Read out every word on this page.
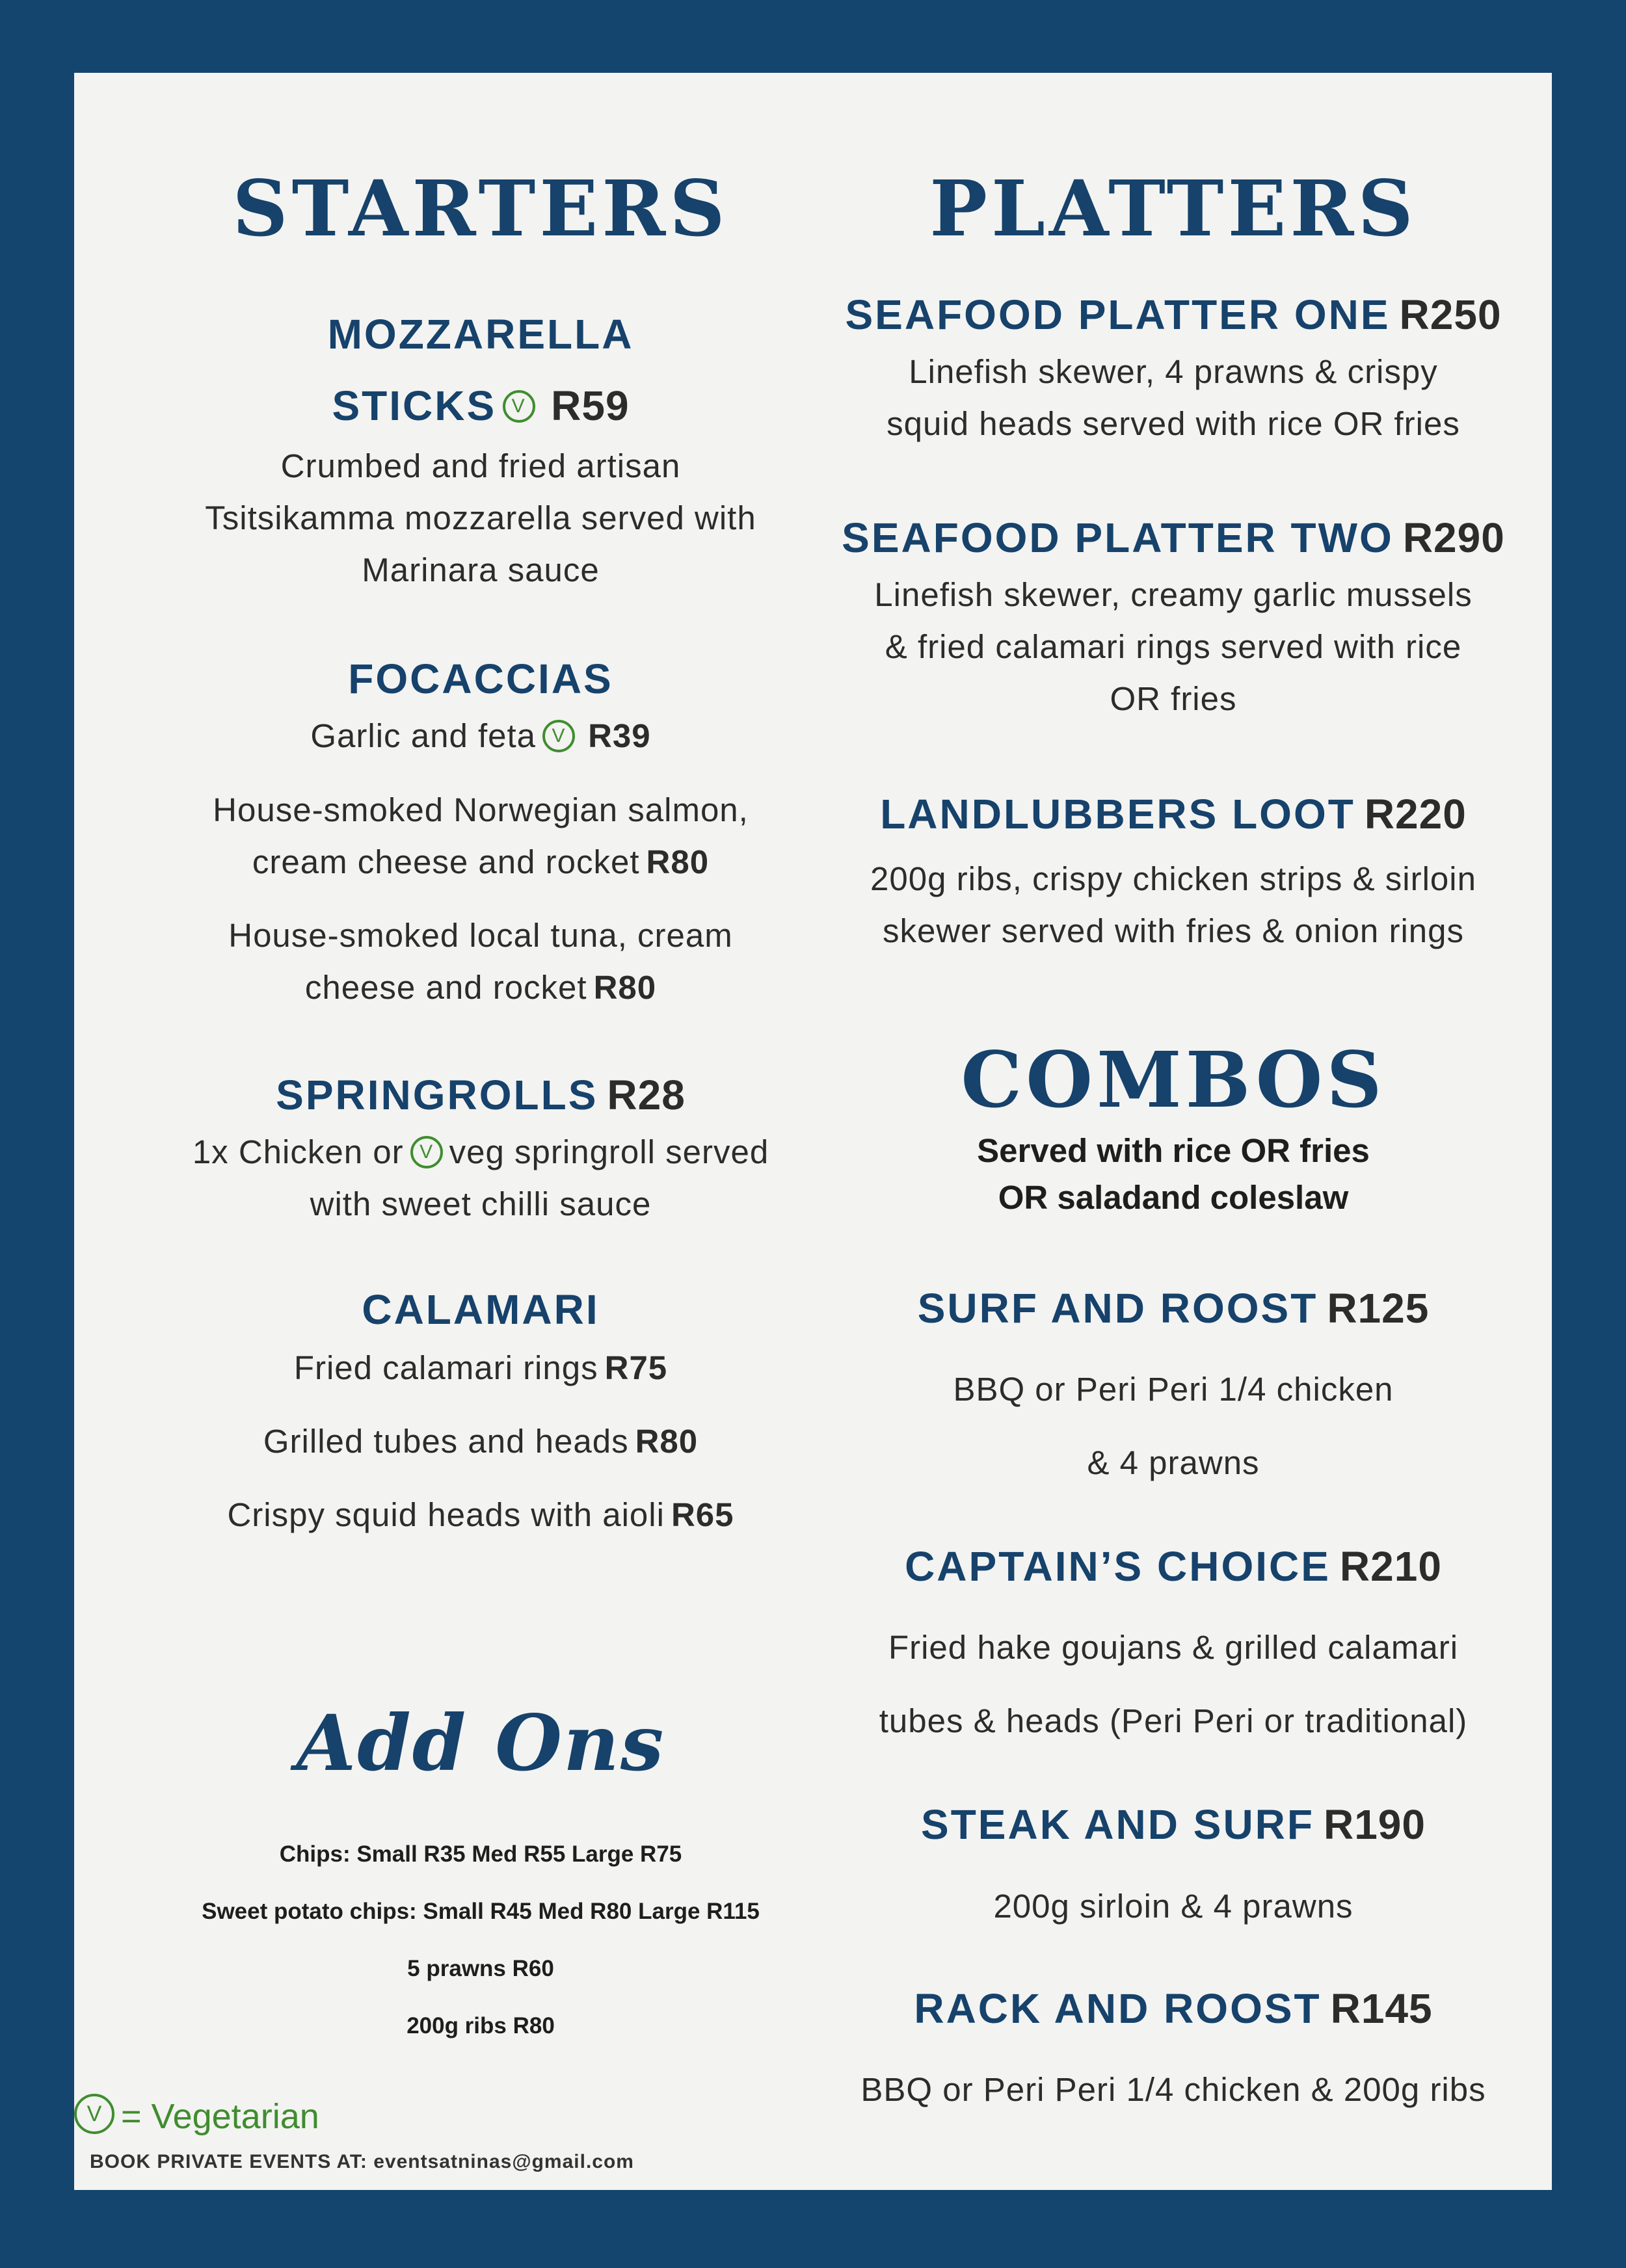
STARTERS
MOZZARELLA
STICKS V R59
Crumbed and fried artisan
Tsitsikamma mozzarella served with
Marinara sauce
FOCACCIAS
Garlic and feta V R39
House-smoked Norwegian salmon,
cream cheese and rocket R80
House-smoked local tuna, cream
cheese and rocket R80
SPRINGROLLS R28
1x Chicken or V veg springroll served
with sweet chilli sauce
CALAMARI
Fried calamari rings R75
Grilled tubes and heads R80
Crispy squid heads with aioli R65
Add Ons
Chips: Small R35 Med R55 Large R75
Sweet potato chips: Small R45 Med R80 Large R115
5 prawns R60
200g ribs R80
V = Vegetarian
BOOK PRIVATE EVENTS AT: eventsatninas@gmail.com
PLATTERS
SEAFOOD PLATTER ONE R250
Linefish skewer, 4 prawns & crispy
squid heads served with rice OR fries
SEAFOOD PLATTER TWO R290
Linefish skewer, creamy garlic mussels
& fried calamari rings served with rice
OR fries
LANDLUBBERS LOOT R220
200g ribs, crispy chicken strips & sirloin
skewer served with fries & onion rings
COMBOS
Served with rice OR fries
OR saladand coleslaw
SURF AND ROOST R125
BBQ or Peri Peri 1/4 chicken
& 4 prawns
CAPTAIN’S CHOICE R210
Fried hake goujans & grilled calamari
tubes & heads (Peri Peri or traditional)
STEAK AND SURF R190
200g sirloin & 4 prawns
RACK AND ROOST R145
BBQ or Peri Peri 1/4 chicken & 200g ribs
